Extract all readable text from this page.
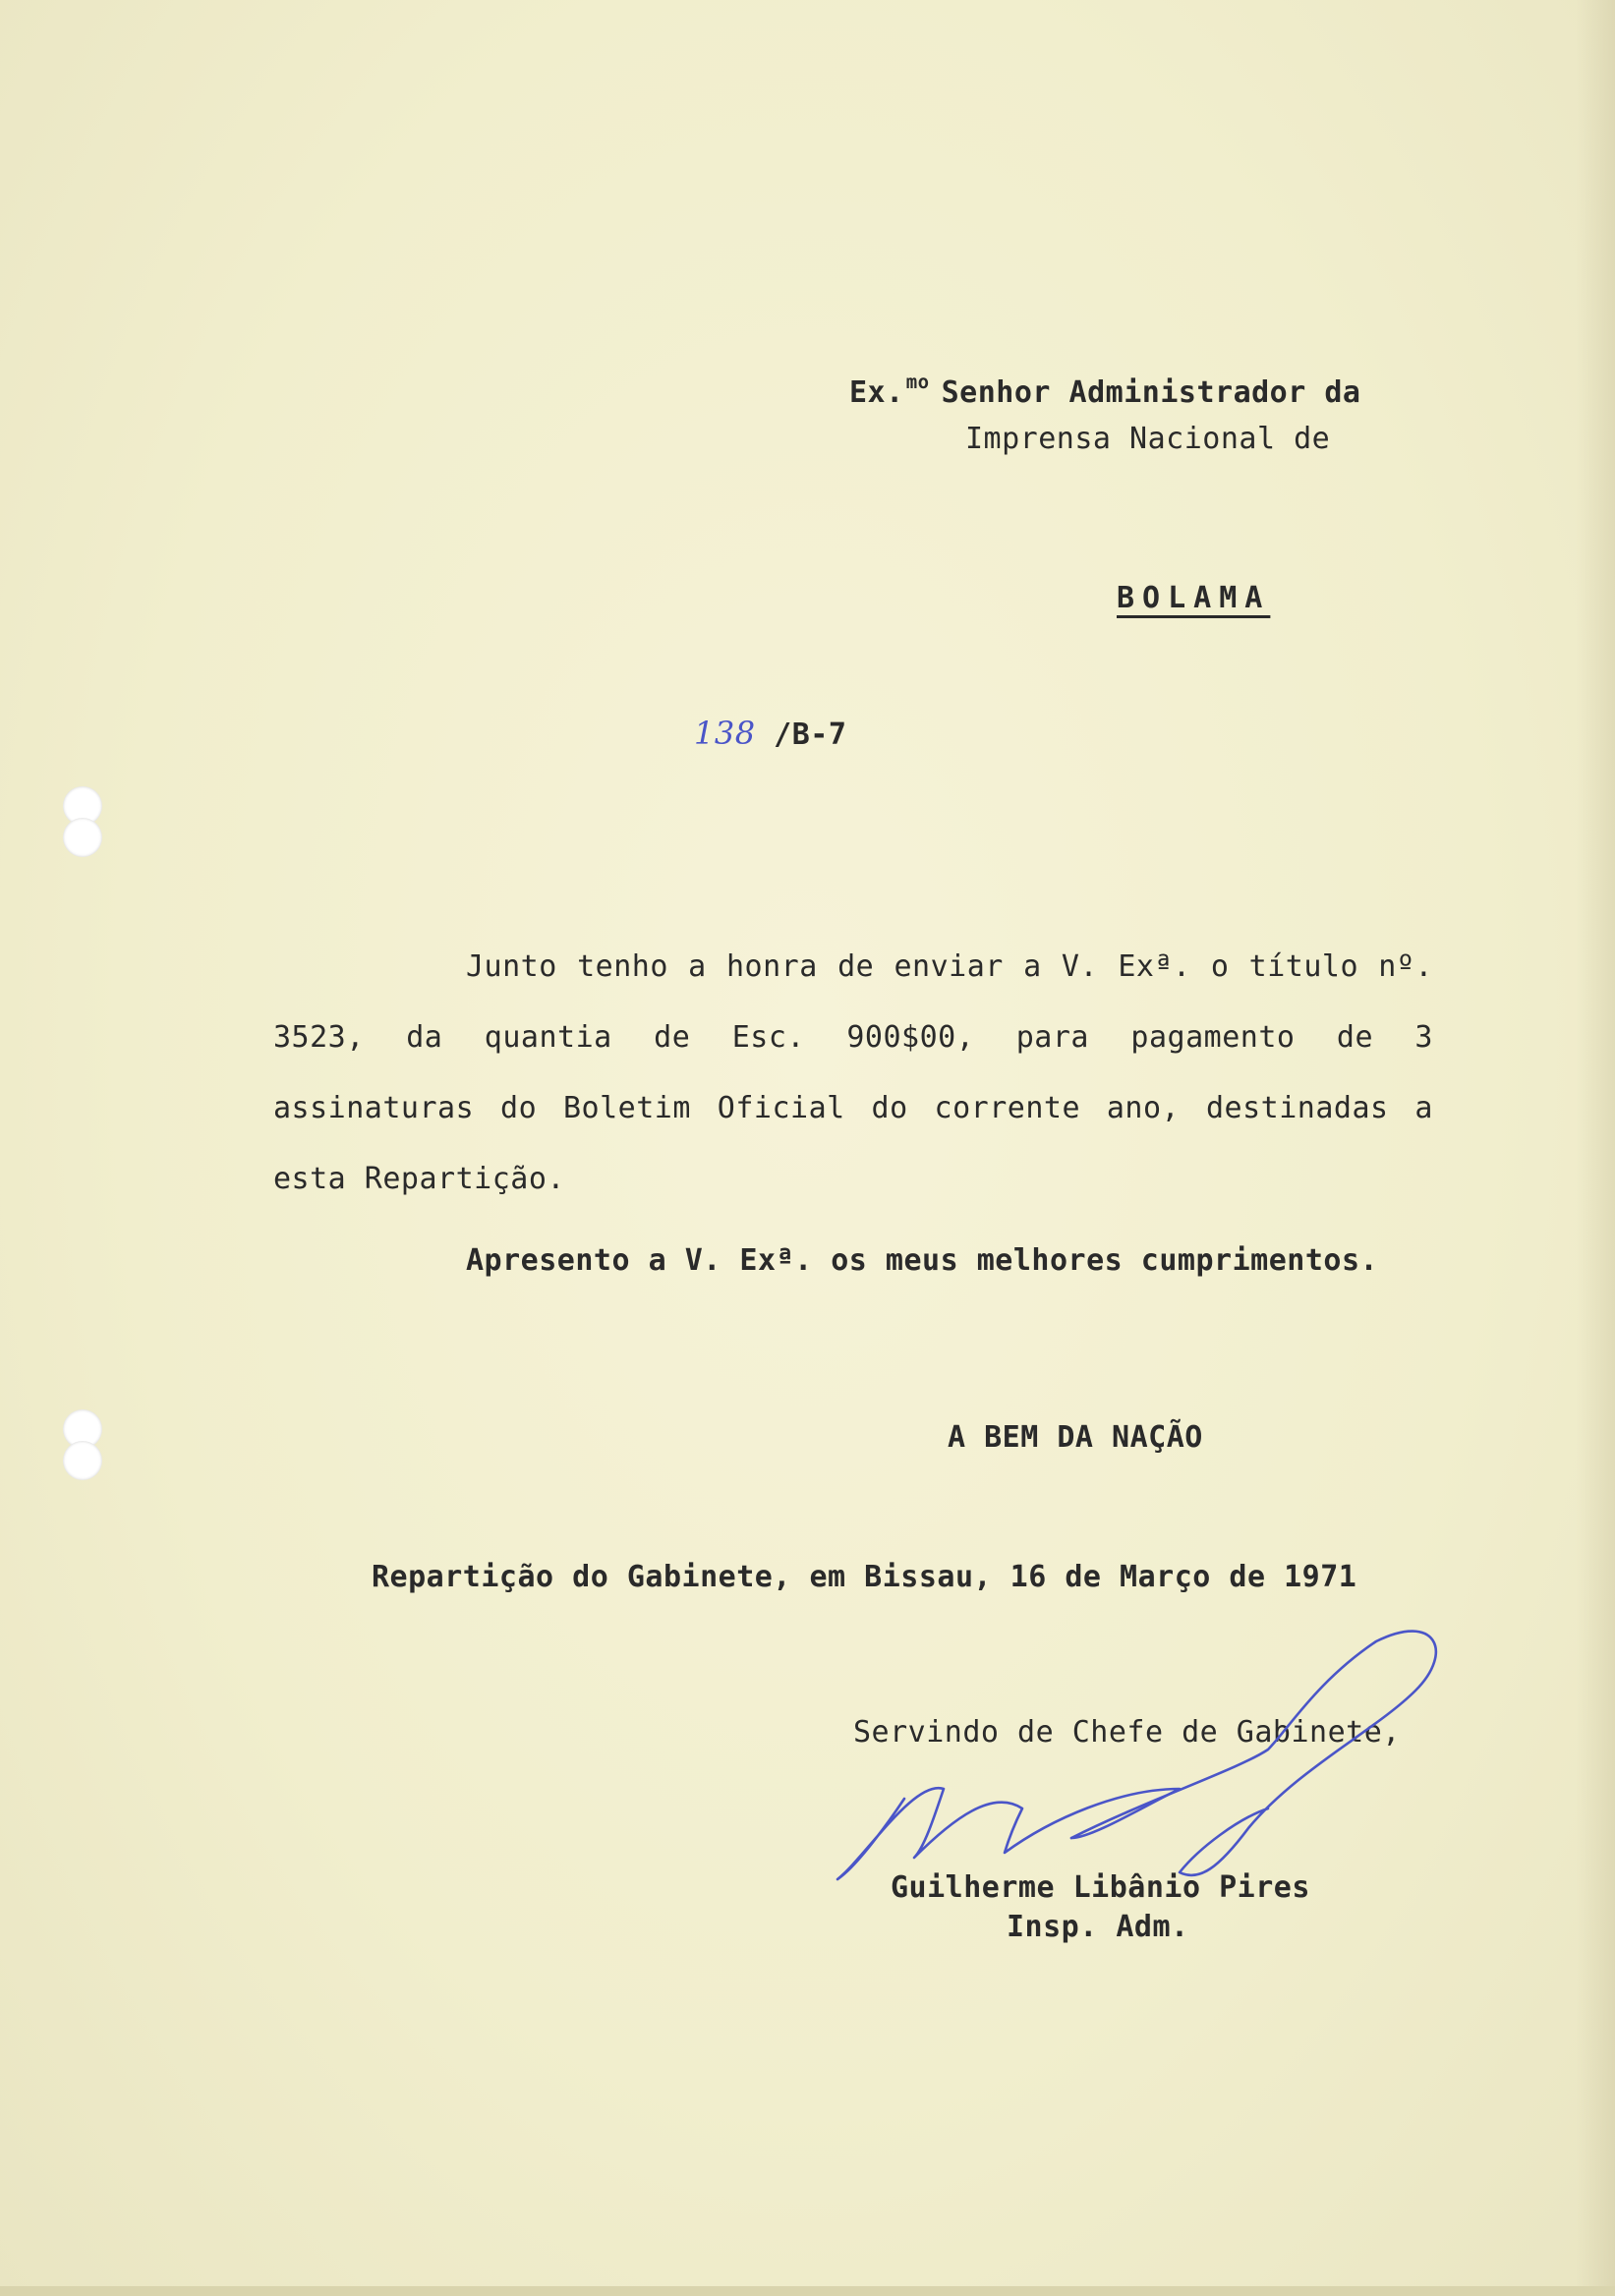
Ex. $^{mo}$ Senhor Administrador da
Imprensa Nacional de
BOLAMA
138 /B-7
Junto tenho a honra de enviar a V. Exª. o título nº. 3523, da quantia de Esc. 900$00, para pagamento de 3 assinaturas do Boletim Oficial do corrente ano, destinadas a esta Repartição.
Apresento a V. Exª. os meus melhores cumprimentos.
A BEM DA NAÇÃO
Repartição do Gabinete, em Bissau, 16 de Março de 1971
Servindo de Chefe de Gabinete,
Guilherme Libânio Pires
Insp. Adm.
